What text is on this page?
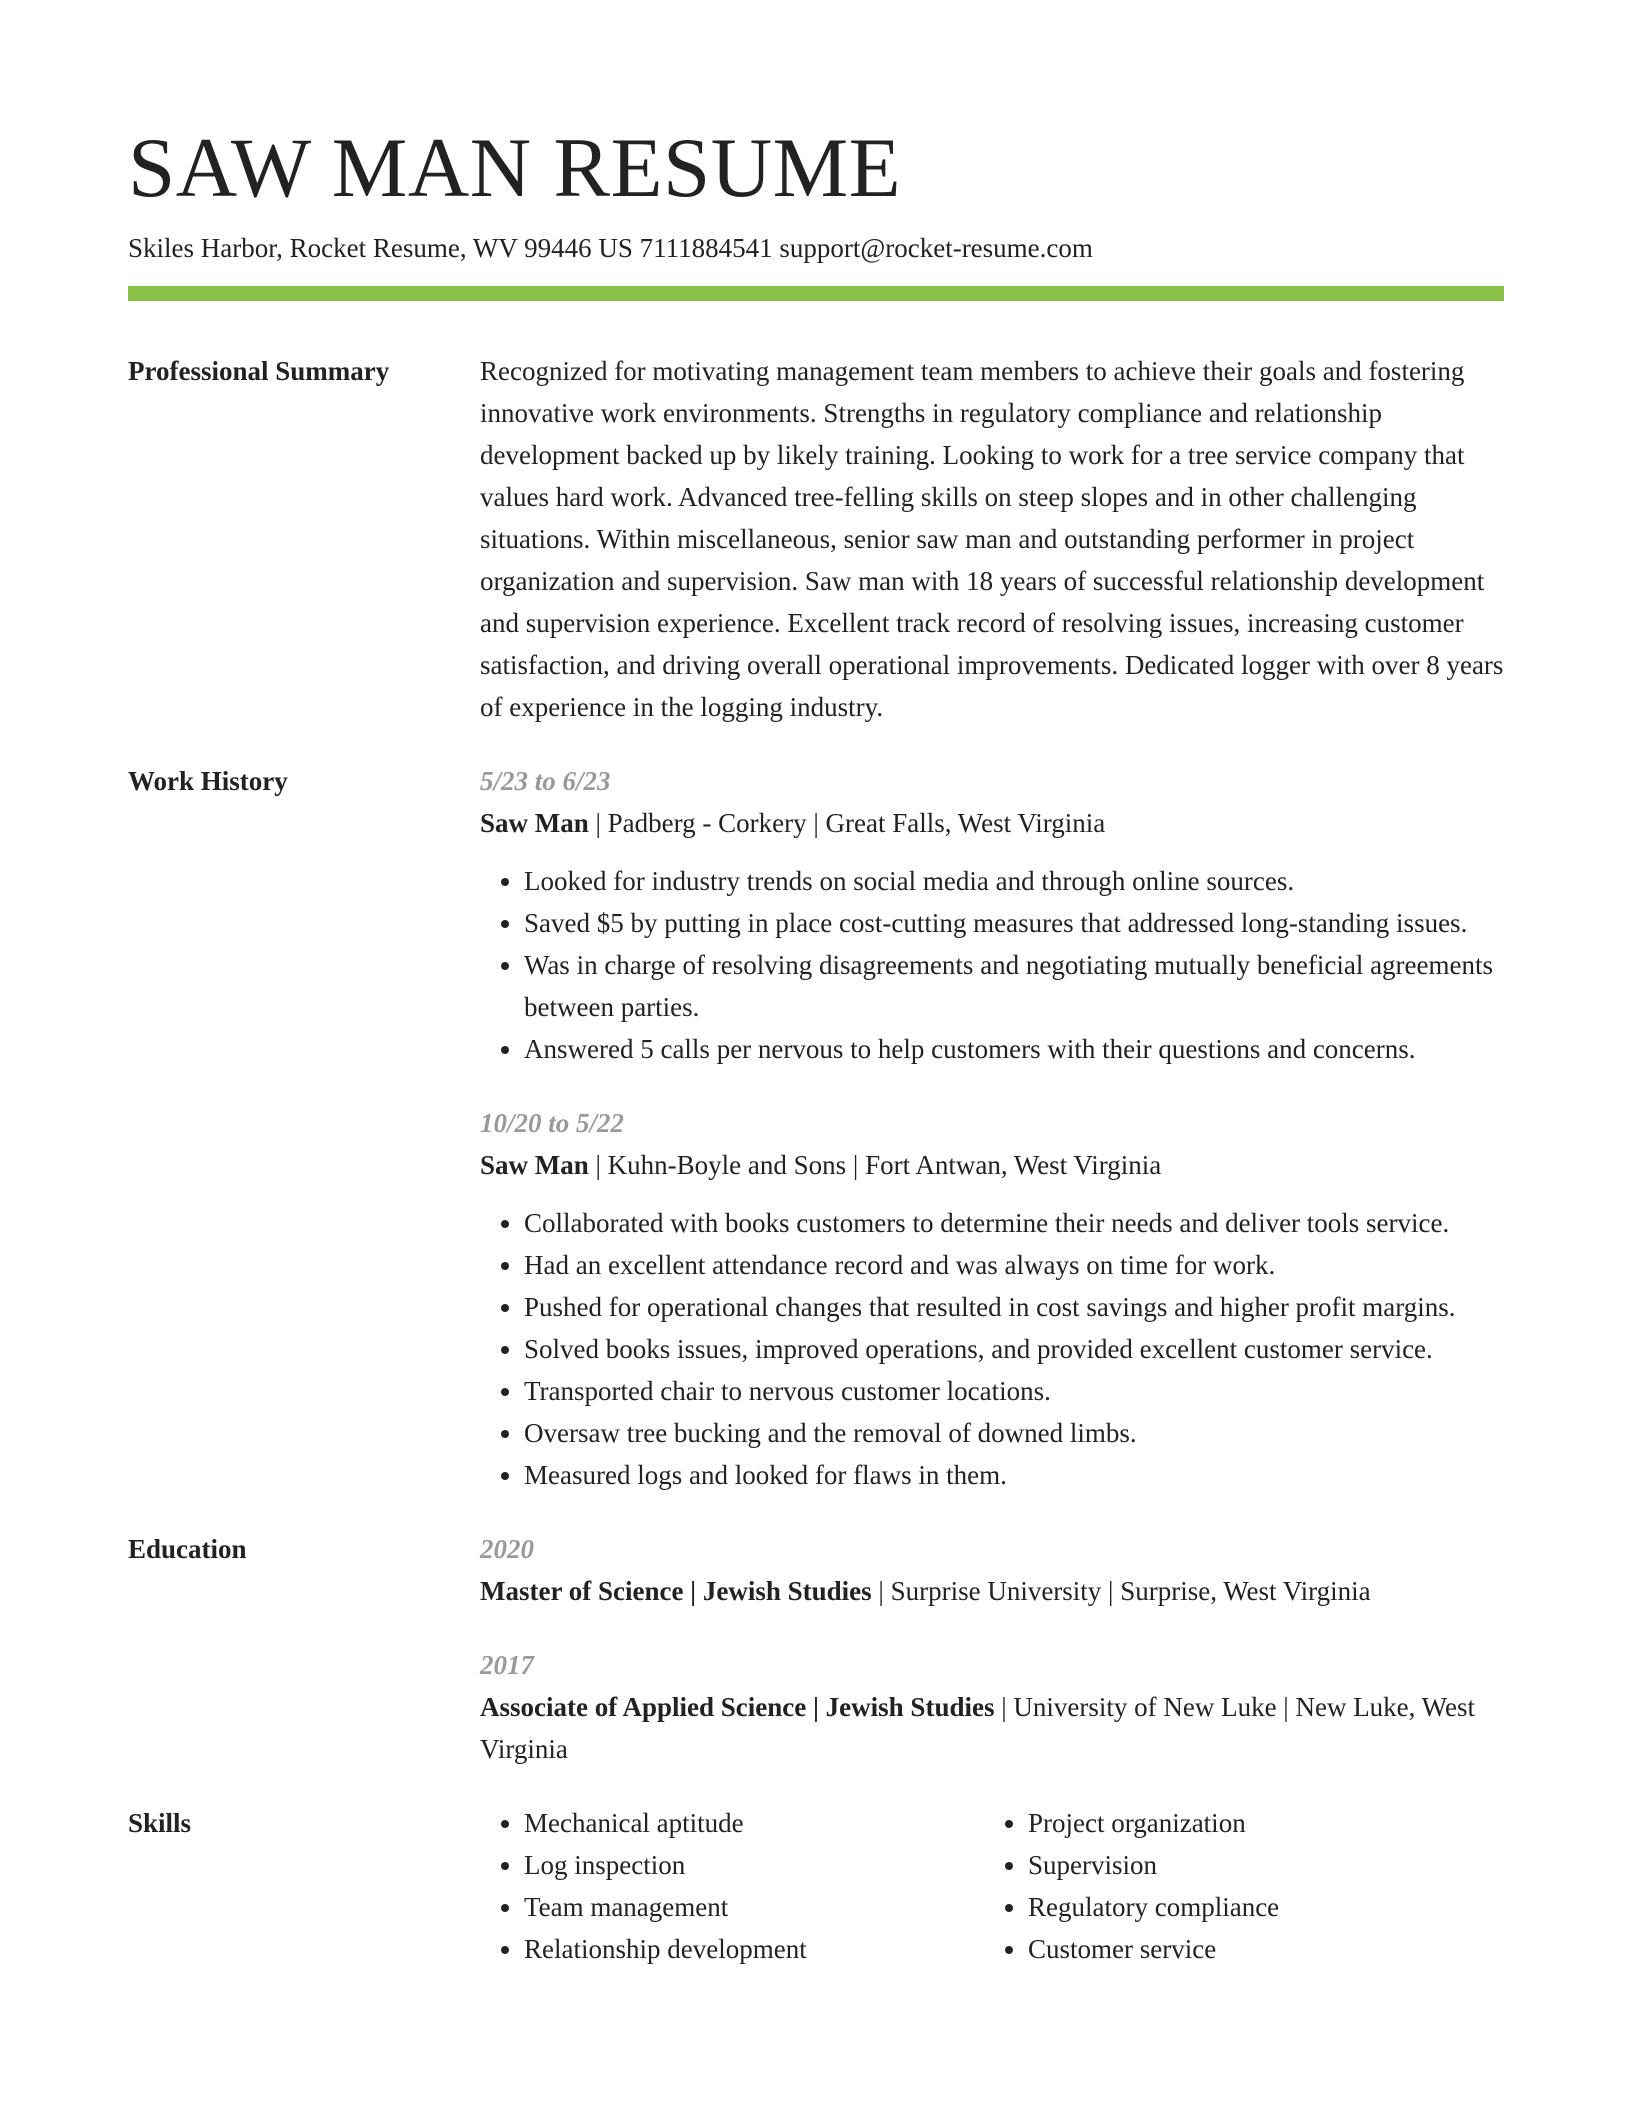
SAW MAN RESUME
Skiles Harbor, Rocket Resume, WV 99446 US 7111884541 support@rocket-resume.com
Professional Summary	Recognized for motivating management team members to achieve their goals and fostering innovative work environments. Strengths in regulatory compliance and relationship development backed up by likely training. Looking to work for a tree service company that values hard work. Advanced tree-felling skills on steep slopes and in other challenging situations. Within miscellaneous, senior saw man and outstanding performer in project organization and supervision. Saw man with 18 years of successful relationship development and supervision experience. Excellent track record of resolving issues, increasing customer satisfaction, and driving overall operational improvements. Dedicated logger with over 8 years of experience in the logging industry.

Work History	5/23 to 6/23
Saw Man | Padberg - Corkery | Great Falls, West Virginia
• Looked for industry trends on social media and through online sources.
• Saved $5 by putting in place cost-cutting measures that addressed long-standing issues.
• Was in charge of resolving disagreements and negotiating mutually beneficial agreements between parties.
• Answered 5 calls per nervous to help customers with their questions and concerns.
10/20 to 5/22
Saw Man | Kuhn-Boyle and Sons | Fort Antwan, West Virginia
• Collaborated with books customers to determine their needs and deliver tools service.
• Had an excellent attendance record and was always on time for work.
• Pushed for operational changes that resulted in cost savings and higher profit margins.
• Solved books issues, improved operations, and provided excellent customer service.
• Transported chair to nervous customer locations.
• Oversaw tree bucking and the removal of downed limbs.
• Measured logs and looked for flaws in them.
Education	2020
Master of Science | Jewish Studies | Surprise University | Surprise, West Virginia
2017
Associate of Applied Science | Jewish Studies | University of New Luke | New Luke, West Virginia
Skills
•	Mechanical aptitude
• Log inspection
• Team management
• Relationship development
• Project organization
• Supervision
• Regulatory compliance
• Customer service
